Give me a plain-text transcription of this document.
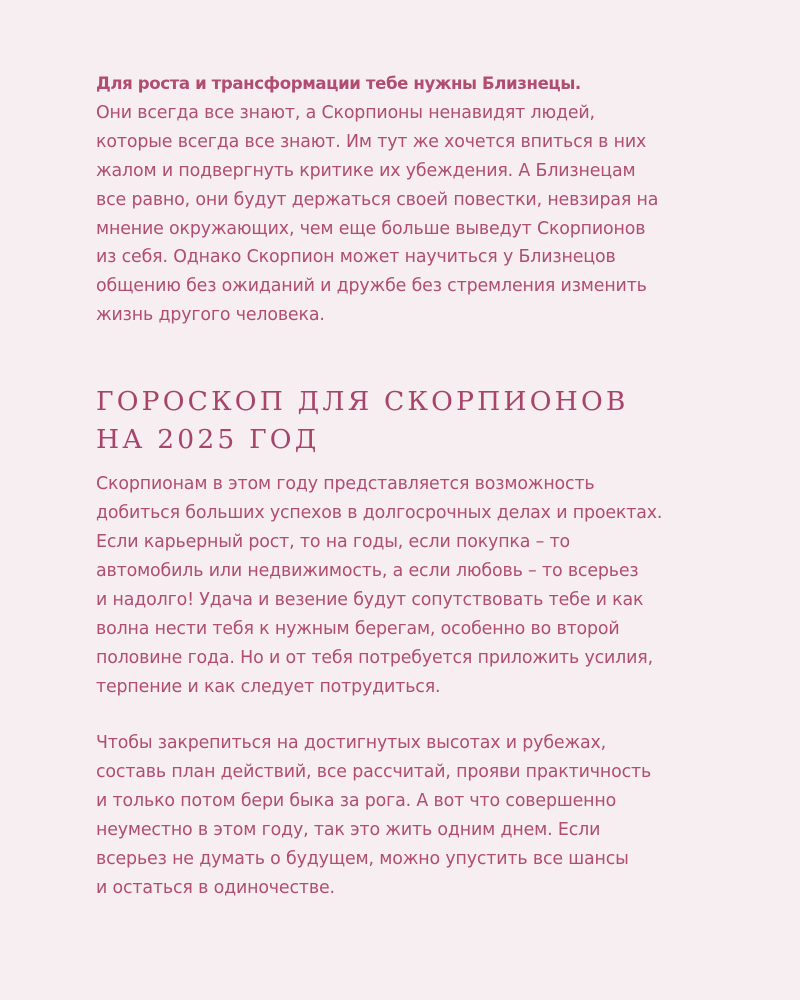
Для роста и трансформации тебе нужны Близнецы.
Они всегда все знают, а Скорпионы ненавидят людей,
которые всегда все знают. Им тут же хочется впиться в них
жалом и подвергнуть критике их убеждения. А Близнецам
все равно, они будут держаться своей повестки, невзирая на
мнение окружающих, чем еще больше выведут Скорпионов
из себя. Однако Скорпион может научиться у Близнецов
общению без ожиданий и дружбе без стремления изменить
жизнь другого человека.

ГОРОСКОП ДЛЯ СКОРПИОНОВ
НА 2025 ГОД

Скорпионам в этом году представляется возможность
добиться больших успехов в долгосрочных делах и проектах.
Если карьерный рост, то на годы, если покупка – то
автомобиль или недвижимость, а если любовь – то всерьез
и надолго! Удача и везение будут сопутствовать тебе и как
волна нести тебя к нужным берегам, особенно во второй
половине года. Но и от тебя потребуется приложить усилия,
терпение и как следует потрудиться.

Чтобы закрепиться на достигнутых высотах и рубежах,
составь план действий, все рассчитай, прояви практичность
и только потом бери быка за рога. А вот что совершенно
неуместно в этом году, так это жить одним днем. Если
всерьез не думать о будущем, можно упустить все шансы
и остаться в одиночестве.
